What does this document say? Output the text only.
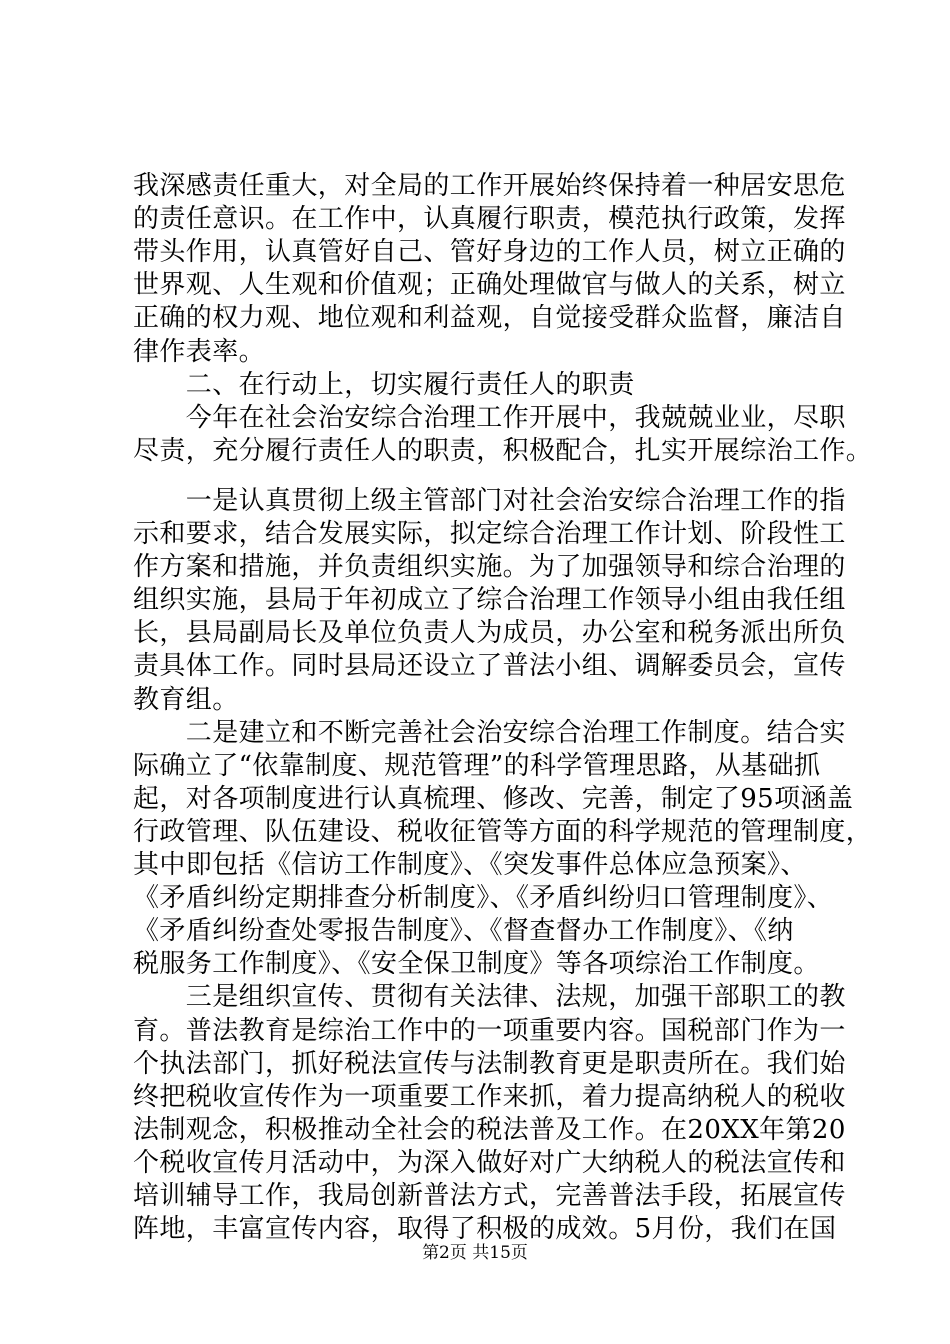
我深感责任重大，对全局的工作开展始终保持着一种居安思危
的责任意识。在工作中，认真履行职责，模范执行政策，发挥
带头作用，认真管好自己、管好身边的工作人员，树立正确的
世界观、人生观和价值观；正确处理做官与做人的关系，树立
正确的权力观、地位观和利益观，自觉接受群众监督，廉洁自
律作表率。
　　二、在行动上，切实履行责任人的职责
　　今年在社会治安综合治理工作开展中，我兢兢业业，尽职
尽责，充分履行责任人的职责，积极配合，扎实开展综治工作。
　　一是认真贯彻上级主管部门对社会治安综合治理工作的指
示和要求，结合发展实际，拟定综合治理工作计划、阶段性工
作方案和措施，并负责组织实施。为了加强领导和综合治理的
组织实施，县局于年初成立了综合治理工作领导小组由我任组
长，县局副局长及单位负责人为成员，办公室和税务派出所负
责具体工作。同时县局还设立了普法小组、调解委员会，宣传
教育组。
　　二是建立和不断完善社会治安综合治理工作制度。结合实
际确立了“依靠制度、规范管理”的科学管理思路，从基础抓
起，对各项制度进行认真梳理、修改、完善，制定了95项涵盖
行政管理、队伍建设、税收征管等方面的科学规范的管理制度，
其中即包括《信访工作制度》、《突发事件总体应急预案》、
《矛盾纠纷定期排查分析制度》、《矛盾纠纷归口管理制度》、
《矛盾纠纷查处零报告制度》、《督查督办工作制度》、《纳
税服务工作制度》、《安全保卫制度》等各项综治工作制度。
　　三是组织宣传、贯彻有关法律、法规，加强干部职工的教
育。普法教育是综治工作中的一项重要内容。国税部门作为一
个执法部门，抓好税法宣传与法制教育更是职责所在。我们始
终把税收宣传作为一项重要工作来抓，着力提高纳税人的税收
法制观念，积极推动全社会的税法普及工作。在20XX年第20
个税收宣传月活动中，为深入做好对广大纳税人的税法宣传和
培训辅导工作，我局创新普法方式，完善普法手段，拓展宣传
阵地，丰富宣传内容，取得了积极的成效。5月份，我们在国
第2页 共15页
